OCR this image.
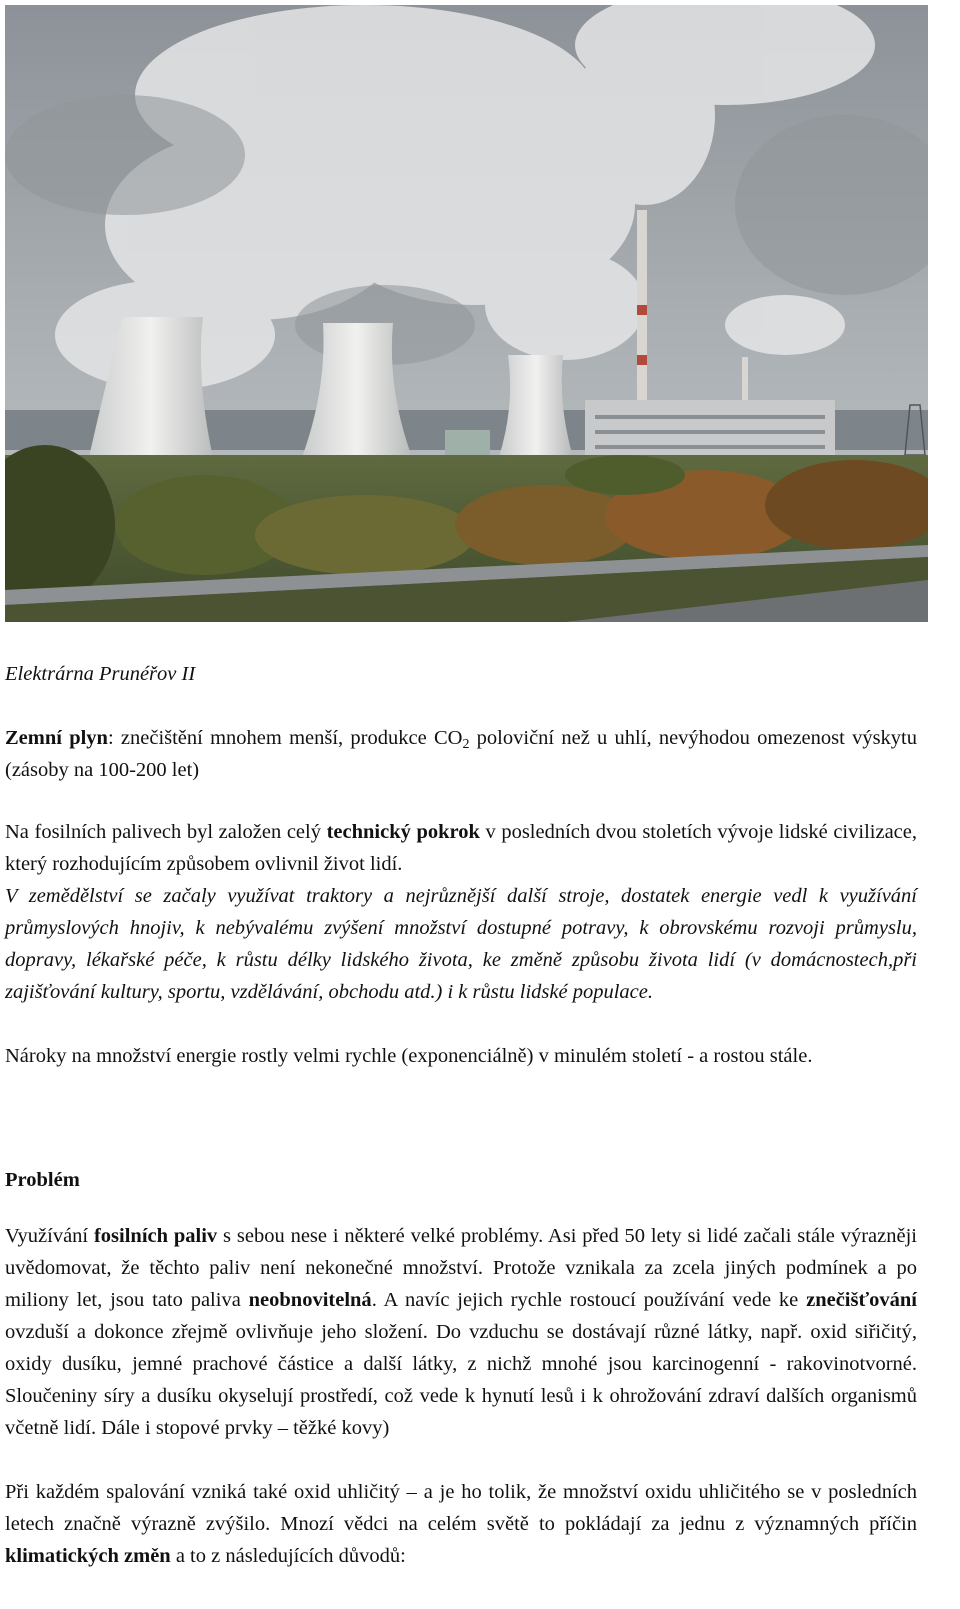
Elektrárna Prunéřov II
Zemní plyn: znečištění mnohem menší, produkce $CO_2$ poloviční než u uhlí, nevýhodou omezenost výskytu (zásoby na 100-200 let)
Na fosilních palivech byl založen celý technický pokrok v posledních dvou stoletích vývoje lidské civilizace, který rozhodujícím způsobem ovlivnil život lidí.
V zemědělství se začaly využívat traktory a nejrůznější další stroje, dostatek energie vedl k využívání průmyslových hnojiv, k nebývalému zvýšení množství dostupné potravy, k obrovskému rozvoji průmyslu, dopravy, lékařské péče, k růstu délky lidského života, ke změně způsobu života lidí (v domácnostech,při zajišťování kultury, sportu, vzdělávání, obchodu atd.) i k růstu lidské populace.
Nároky na množství energie rostly velmi rychle (exponenciálně) v minulém století - a rostou stále.
Problém
Využívání fosilních paliv s sebou nese i některé velké problémy. Asi před 50 lety si lidé začali stále výrazněji uvědomovat, že těchto paliv není nekonečné množství. Protože vznikala za zcela jiných podmínek a po miliony let, jsou tato paliva neobnovitelná. A navíc jejich rychle rostoucí používání vede ke znečišťování ovzduší a dokonce zřejmě ovlivňuje jeho složení. Do vzduchu se dostávají různé látky, např. oxid siřičitý, oxidy dusíku, jemné prachové částice a další látky, z nichž mnohé jsou karcinogenní - rakovinotvorné. Sloučeniny síry a dusíku okyselují prostředí, což vede k hynutí lesů i k ohrožování zdraví dalších organismů včetně lidí. Dále i stopové prvky – těžké kovy)
Při každém spalování vzniká také oxid uhličitý – a je ho tolik, že množství oxidu uhličitého se v posledních letech značně výrazně zvýšilo. Mnozí vědci na celém světě to pokládají za jednu z významných příčin klimatických změn a to z následujících důvodů:
